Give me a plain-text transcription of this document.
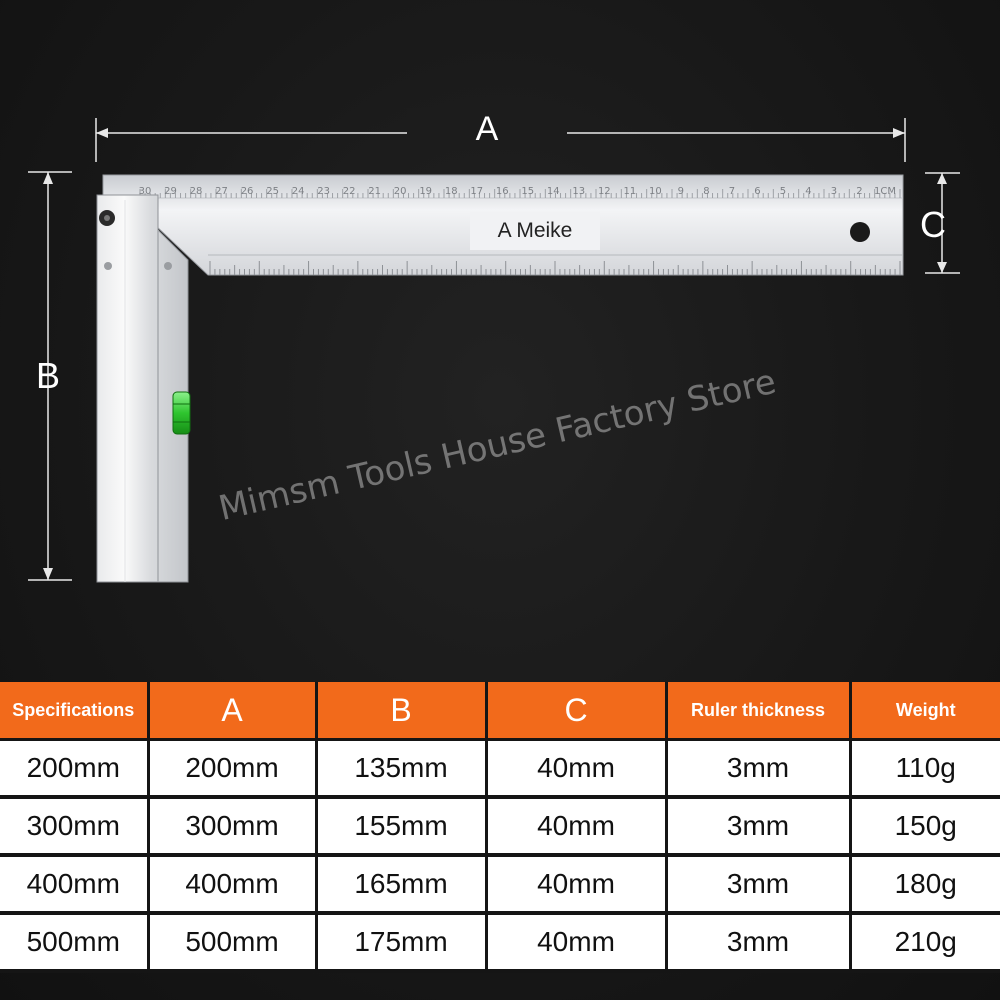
30 29 28 27 26 25 24 23 22 21 20 19 18 17 16 15 14 13 12 11 10 9 8 7 6 5 4 3 2 1CM
A
B
C
A Meike
Mimsm Tools House Factory Store
Specifications	A	B	C	Ruler thickness	Weight
200mm	200mm	135mm	40mm	3mm	110g
300mm	300mm	155mm	40mm	3mm	150g
400mm	400mm	165mm	40mm	3mm	180g
500mm	500mm	175mm	40mm	3mm	210g
